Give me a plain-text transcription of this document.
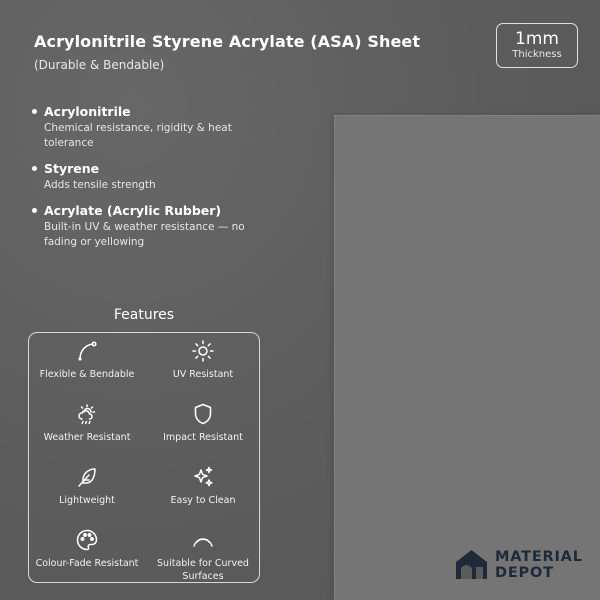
Acrylonitrile Styrene Acrylate (ASA) Sheet
(Durable & Bendable)
1mm
Thickness
Acrylonitrile
Chemical resistance, rigidity & heat tolerance
Styrene
Adds tensile strength
Acrylate (Acrylic Rubber)
Built-in UV & weather resistance — no fading or yellowing
Features
Flexible & Bendable	UV Resistant
Weather Resistant	Impact Resistant
Lightweight	Easy to Clean
Colour-Fade Resistant	Suitable for Curved Surfaces
MATERIAL
DEPOT
